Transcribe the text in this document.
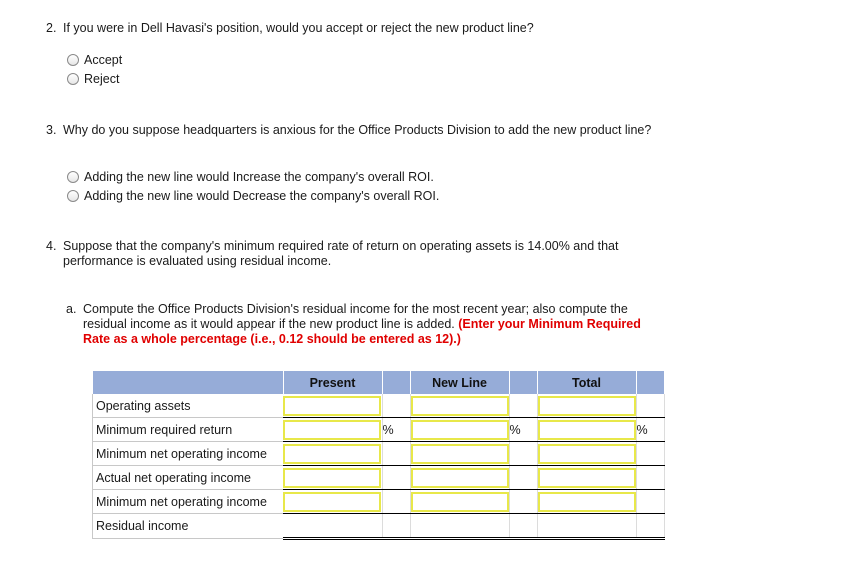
2. If you were in Dell Havasi's position, would you accept or reject the new product line?
Accept
Reject
3. Why do you suppose headquarters is anxious for the Office Products Division to add the new product line?
Adding the new line would Increase the company's overall ROI.
Adding the new line would Decrease the company's overall ROI.
4. Suppose that the company's minimum required rate of return on operating assets is 14.00% and that performance is evaluated using residual income.
a. Compute the Office Products Division's residual income for the most recent year; also compute the residual income as it would appear if the new product line is added. (Enter your Minimum Required Rate as a whole percentage (i.e., 0.12 should be entered as 12).)
	Present		New Line		Total	
Operating assets	

Minimum required return		%		%		%
Minimum net operating income	

Actual net operating income	

Minimum net operating income	

Residual income	
